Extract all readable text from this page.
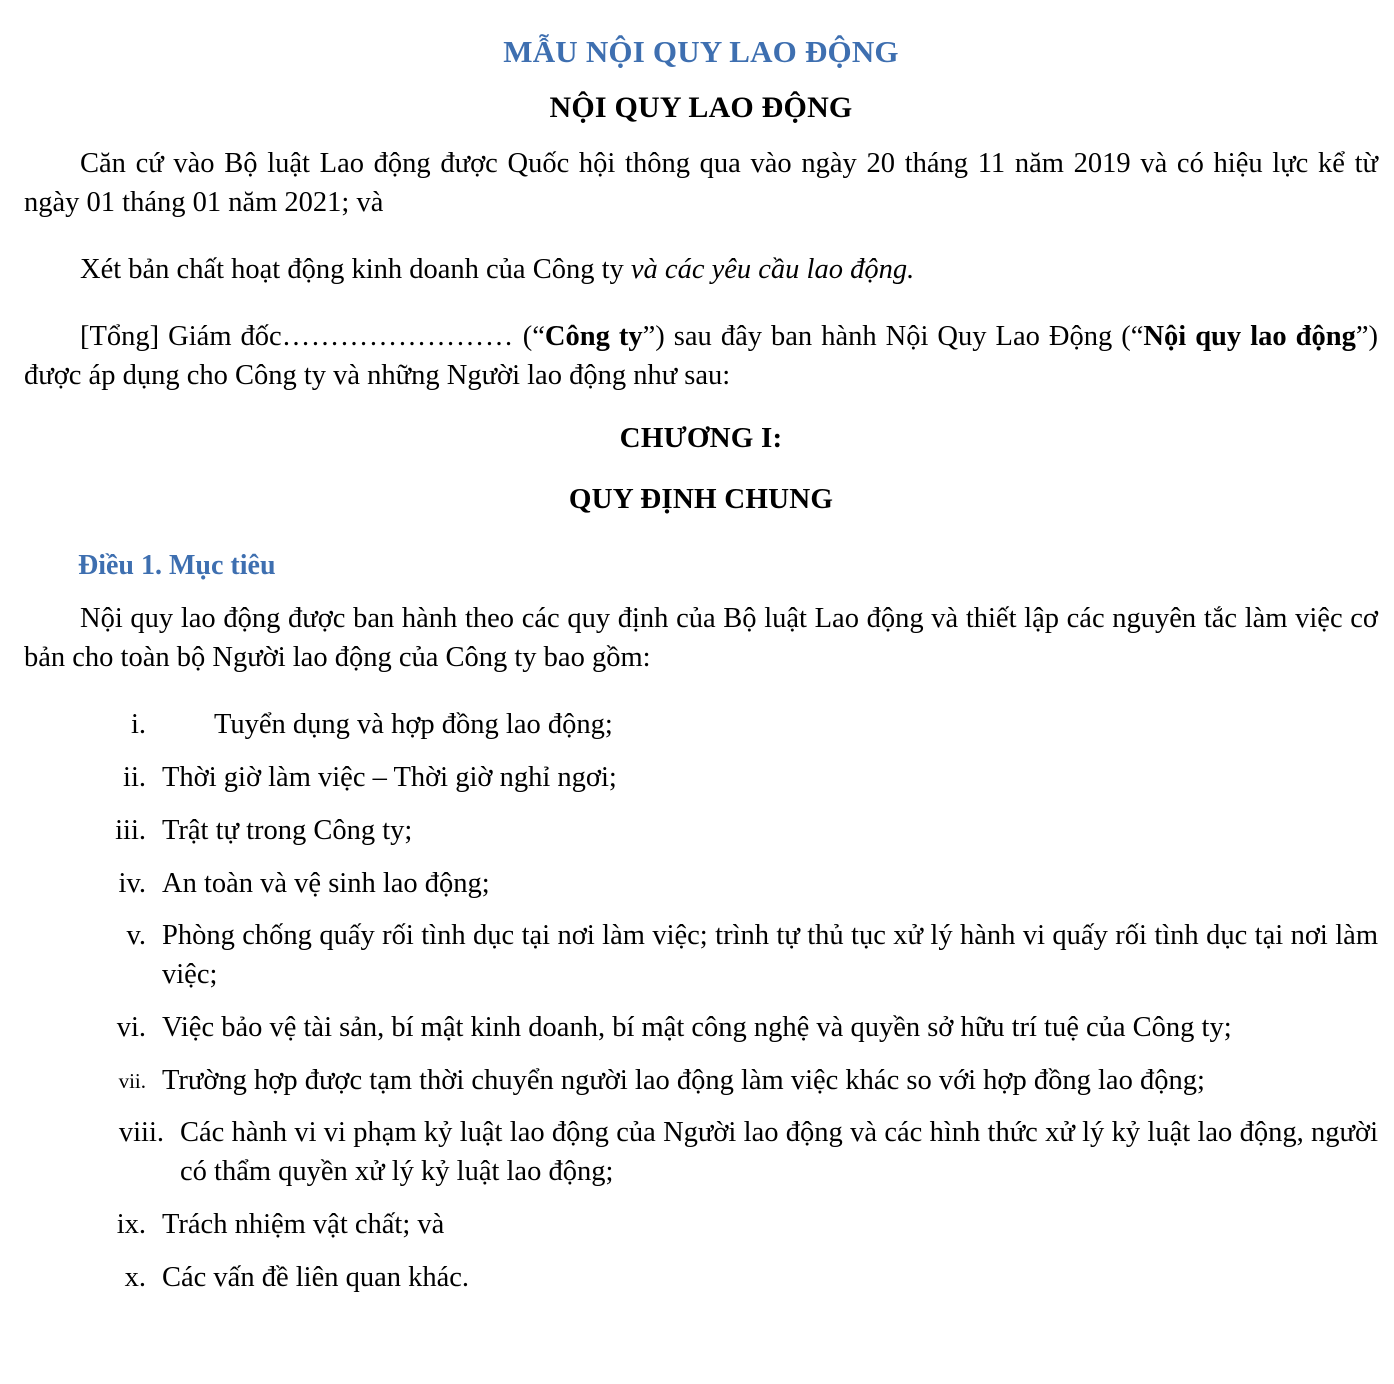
MẪU NỘI QUY LAO ĐỘNG
NỘI QUY LAO ĐỘNG

Căn cứ vào Bộ luật Lao động được Quốc hội thông qua vào ngày 20 tháng 11 năm 2019 và có hiệu lực kể từ ngày 01 tháng 01 năm 2021; và

Xét bản chất hoạt động kinh doanh của Công ty và các yêu cầu lao động.

[Tổng] Giám đốc…………………… (“Công ty”) sau đây ban hành Nội Quy Lao Động (“Nội quy lao động”) được áp dụng cho Công ty và những Người lao động như sau:

CHƯƠNG I:
QUY ĐỊNH CHUNG
Điều 1. Mục tiêu

Nội quy lao động được ban hành theo các quy định của Bộ luật Lao động và thiết lập các nguyên tắc làm việc cơ bản cho toàn bộ Người lao động của Công ty bao gồm:

i. Tuyển dụng và hợp đồng lao động;
ii. Thời giờ làm việc – Thời giờ nghỉ ngơi;
iii. Trật tự trong Công ty;
iv. An toàn và vệ sinh lao động;
v. Phòng chống quấy rối tình dục tại nơi làm việc; trình tự thủ tục xử lý hành vi quấy rối tình dục tại nơi làm việc;
vi. Việc bảo vệ tài sản, bí mật kinh doanh, bí mật công nghệ và quyền sở hữu trí tuệ của Công ty;
vii. Trường hợp được tạm thời chuyển người lao động làm việc khác so với hợp đồng lao động;
viii. Các hành vi vi phạm kỷ luật lao động của Người lao động và các hình thức xử lý kỷ luật lao động, người có thẩm quyền xử lý kỷ luật lao động;
ix. Trách nhiệm vật chất; và
x. Các vấn đề liên quan khác.
